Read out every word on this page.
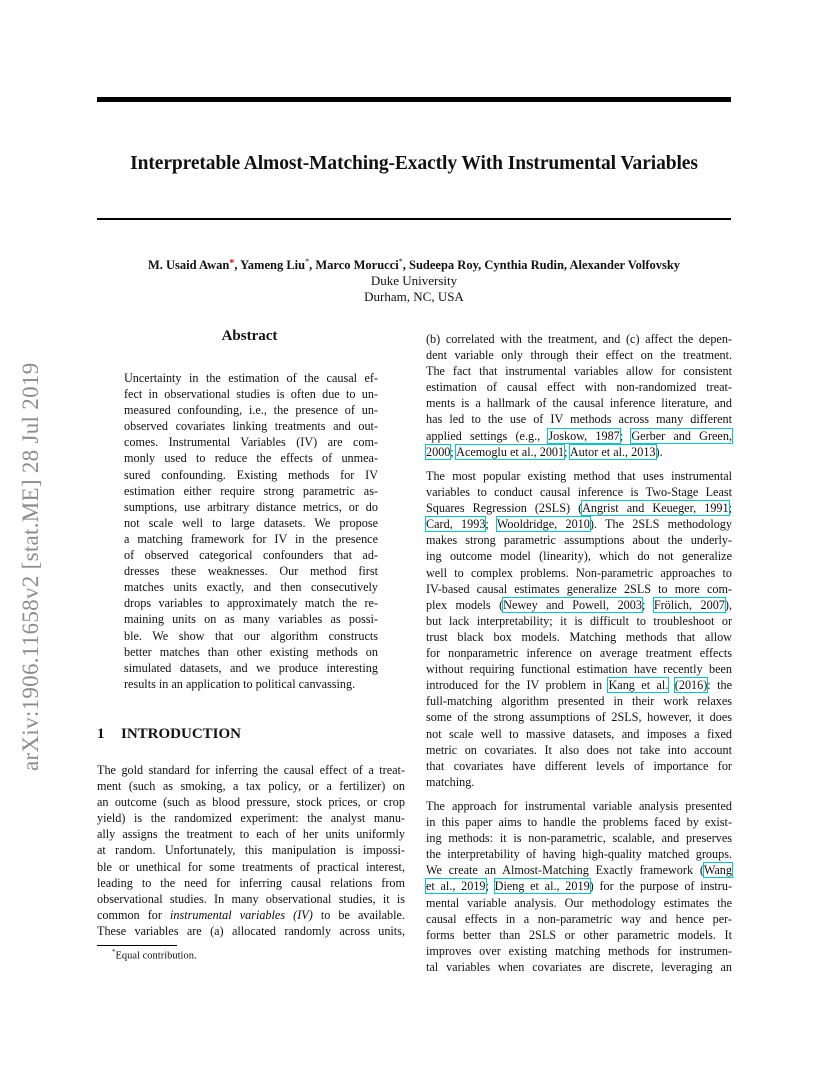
Interpretable Almost-Matching-Exactly With Instrumental Variables
M. Usaid Awan*, Yameng Liu*, Marco Morucci*, Sudeepa Roy, Cynthia Rudin, Alexander Volfovsky
Duke University
Durham, NC, USA
arXiv:1906.11658v2 [stat.ME] 28 Jul 2019
Abstract
Uncertainty in the estimation of the causal ef-
fect in observational studies is often due to un-
measured confounding, i.e., the presence of un-
observed covariates linking treatments and out-
comes. Instrumental Variables (IV) are com-
monly used to reduce the effects of unmea-
sured confounding. Existing methods for IV
estimation either require strong parametric as-
sumptions, use arbitrary distance metrics, or do
not scale well to large datasets. We propose
a matching framework for IV in the presence
of observed categorical confounders that ad-
dresses these weaknesses. Our method first
matches units exactly, and then consecutively
drops variables to approximately match the re-
maining units on as many variables as possi-
ble. We show that our algorithm constructs
better matches than other existing methods on
simulated datasets, and we produce interesting
results in an application to political canvassing.
1 INTRODUCTION
The gold standard for inferring the causal effect of a treat-
ment (such as smoking, a tax policy, or a fertilizer) on
an outcome (such as blood pressure, stock prices, or crop
yield) is the randomized experiment: the analyst manu-
ally assigns the treatment to each of her units uniformly
at random. Unfortunately, this manipulation is impossi-
ble or unethical for some treatments of practical interest,
leading to the need for inferring causal relations from
observational studies. In many observational studies, it is
common for instrumental variables (IV) to be available.
These variables are (a) allocated randomly across units,
*Equal contribution.
(b) correlated with the treatment, and (c) affect the depen-
dent variable only through their effect on the treatment.
The fact that instrumental variables allow for consistent
estimation of causal effect with non-randomized treat-
ments is a hallmark of the causal inference literature, and
has led to the use of IV methods across many different
applied settings (e.g., Joskow, 1987; Gerber and Green,
2000; Acemoglu et al., 2001; Autor et al., 2013).
The most popular existing method that uses instrumental
variables to conduct causal inference is Two-Stage Least
Squares Regression (2SLS) (Angrist and Keueger, 1991;
Card, 1993; Wooldridge, 2010). The 2SLS methodology
makes strong parametric assumptions about the underly-
ing outcome model (linearity), which do not generalize
well to complex problems. Non-parametric approaches to
IV-based causal estimates generalize 2SLS to more com-
plex models (Newey and Powell, 2003; Frölich, 2007),
but lack interpretability; it is difficult to troubleshoot or
trust black box models. Matching methods that allow
for nonparametric inference on average treatment effects
without requiring functional estimation have recently been
introduced for the IV problem in Kang et al. (2016): the
full-matching algorithm presented in their work relaxes
some of the strong assumptions of 2SLS, however, it does
not scale well to massive datasets, and imposes a fixed
metric on covariates. It also does not take into account
that covariates have different levels of importance for
matching.
The approach for instrumental variable analysis presented
in this paper aims to handle the problems faced by exist-
ing methods: it is non-parametric, scalable, and preserves
the interpretability of having high-quality matched groups.
We create an Almost-Matching Exactly framework (Wang
et al., 2019; Dieng et al., 2019) for the purpose of instru-
mental variable analysis. Our methodology estimates the
causal effects in a non-parametric way and hence per-
forms better than 2SLS or other parametric models. It
improves over existing matching methods for instrumen-
tal variables when covariates are discrete, leveraging an
